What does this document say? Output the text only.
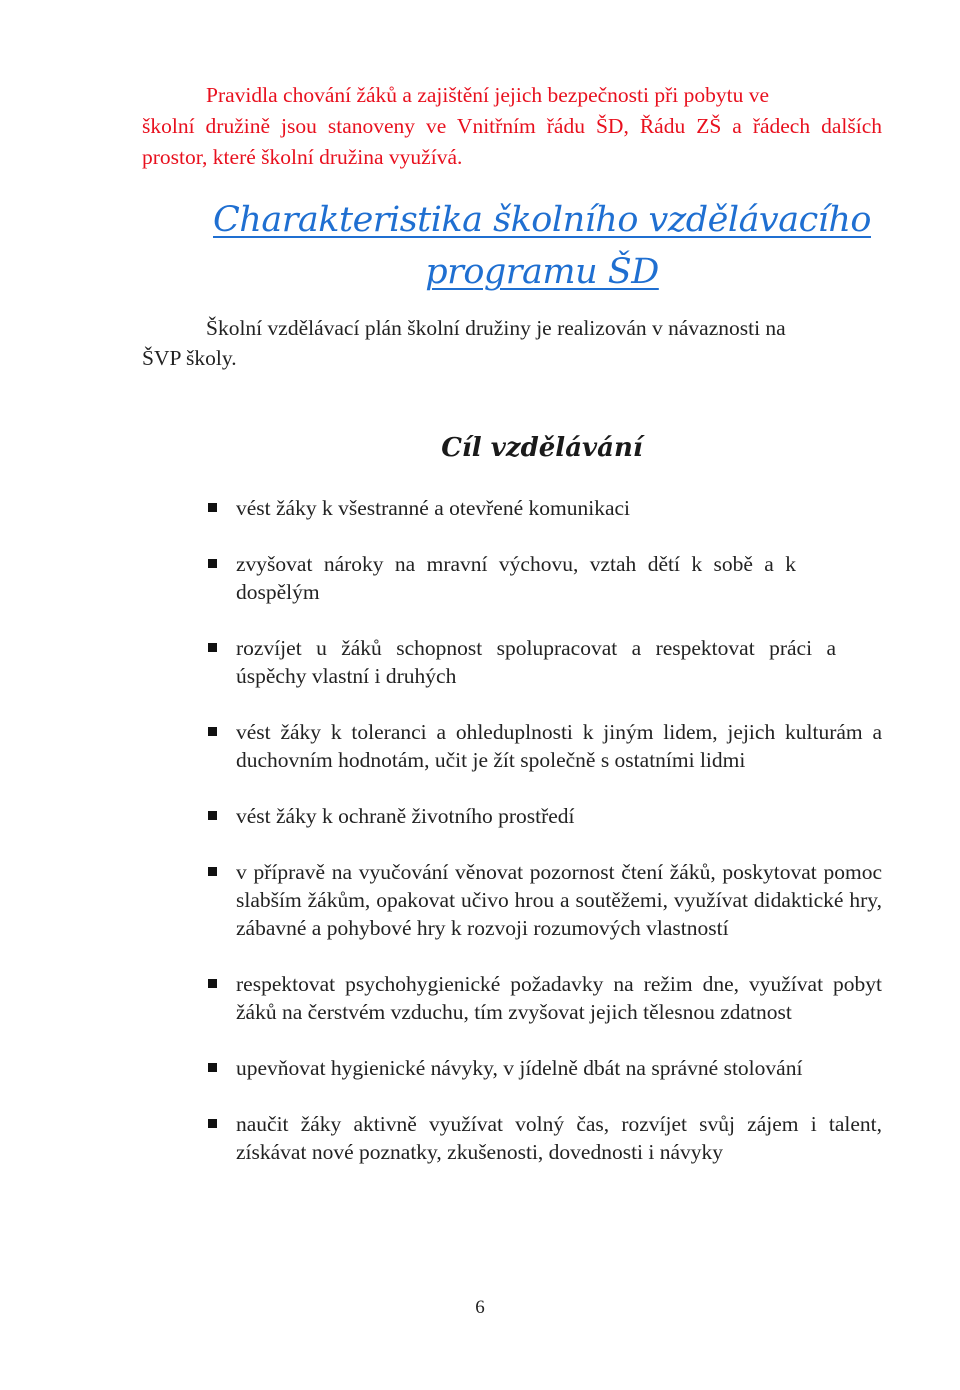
Pravidla chování žáků a zajištění jejich bezpečnosti při pobytu ve
školní družině jsou stanoveny ve Vnitřním řádu ŠD, Řádu ZŠ a řádech dalších prostor, které školní družina využívá.
Charakteristika školního vzdělávacího
programu ŠD
Školní vzdělávací plán školní družiny je realizován v návaznosti na
ŠVP školy.
Cíl vzdělávání
vést žáky k všestranné a otevřené komunikaci
zvyšovat nároky na mravní výchovu, vztah dětí k sobě a k dospělým
rozvíjet u žáků schopnost spolupracovat a respektovat práci a úspěchy vlastní i druhých
vést žáky k toleranci a ohleduplnosti k jiným lidem, jejich kulturám a duchovním hodnotám, učit je žít společně s ostatními lidmi
vést žáky k ochraně životního prostředí
v přípravě na vyučování věnovat pozornost čtení žáků, poskytovat pomoc slabším žákům, opakovat učivo hrou a soutěžemi, využívat didaktické hry, zábavné a pohybové hry k rozvoji rozumových vlastností
respektovat psychohygienické požadavky na režim dne, využívat pobyt žáků na čerstvém vzduchu, tím zvyšovat jejich tělesnou zdatnost
upevňovat hygienické návyky, v jídelně dbát na správné stolování
naučit žáky aktivně využívat volný čas, rozvíjet svůj zájem i talent, získávat nové poznatky, zkušenosti, dovednosti i návyky
6
